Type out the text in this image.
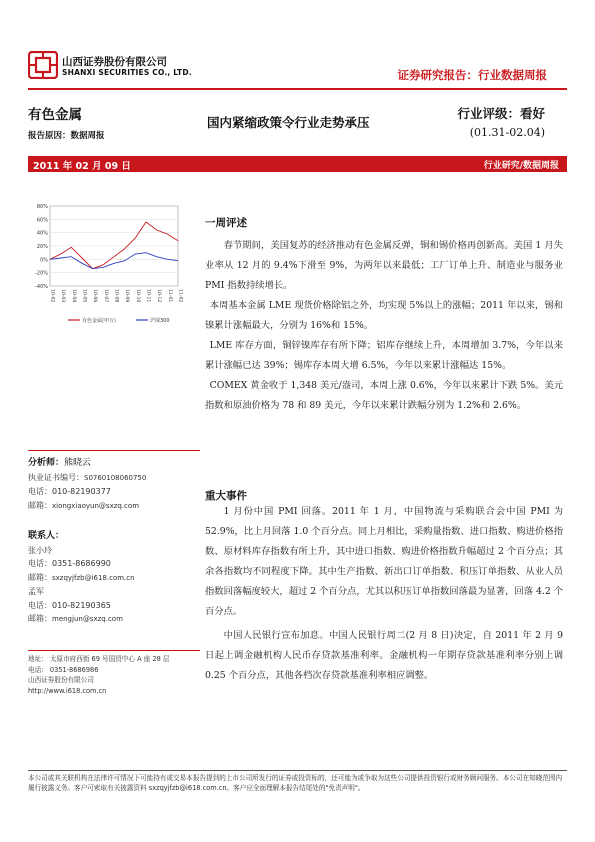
山西证券股份有限公司
SHANXI SECURITIES CO., LTD.	证券研究报告：行业数据周报
有色金属
报告原因：数据周报
国内紧缩政策令行业走势承压
行业评级：看好
(01.31-02.04)
2011 年 02 月 09 日	行业研究/数据周报
80%
60%
40%
20%
0%
-20%
-40%
10-02 10-03 10-04 10-05 10-06 10-07 10-08 10-09 10-10 10-11 10-12 11-01 11-02
有色金属(申万)	沪深300
分析师：熊晓云
执业证书编号：S0760108060750
电话：010-82190377
邮箱：xiongxiaoyun@sxzq.com
联系人：
张小玲
电话：0351-8686990
邮箱：sxzqyjfzb@i618.com.cn
孟军
电话：010-82190365
邮箱：mengjun@sxzq.com
地址： 太原市府西街 69 号国贸中心 A 座 28 层
电话： 0351-8686986
山西证券股份有限公司
http://www.i618.com.cn
一周评述

春节期间，美国复苏的经济推动有色金属反弹，铜和锡价格再创新高。美国 1 月失业率从 12 月的 9.4%下滑至 9%，为两年以来最低；工厂订单上升、制造业与服务业 PMI 指数持续增长。

本周基本金属 LME 现货价格除铝之外，均实现 5%以上的涨幅；2011 年以来，锡和镍累计涨幅最大，分别为 16%和 15%。

LME 库存方面，铜锌镍库存有所下降；铝库存继续上升，本周增加 3.7%，今年以来累计涨幅已达 39%；锡库存本周大增 6.5%，今年以来累计涨幅达 15%。

COMEX 黄金收于 1,348 美元/盎司，本周上涨 0.6%，今年以来累计下跌 5%。美元指数和原油价格为 78 和 89 美元，今年以来累计跌幅分别为 1.2%和 2.6%。

重大事件

1 月份中国 PMI 回落。2011 年 1 月，中国物流与采购联合会中国 PMI 为 52.9%，比上月回落 1.0 个百分点。同上月相比，采购量指数、进口指数、购进价格指数、原材料库存指数有所上升，其中进口指数、购进价格指数升幅超过 2 个百分点；其余各指数均不同程度下降。其中生产指数、新出口订单指数、积压订单指数、从业人员指数回落幅度较大，超过 2 个百分点，尤其以积压订单指数回落最为显著，回落 4.2 个百分点。

中国人民银行宣布加息。中国人民银行周二(2 月 8 日)决定，自 2011 年 2 月 9 日起上调金融机构人民币存贷款基准利率。金融机构一年期存贷款基准利率分别上调 0.25 个百分点，其他各档次存贷款基准利率相应调整。

本公司或其关联机构在法律许可情况下可能持有或交易本报告提到的上市公司所发行的证券或投资标的，还可能为或争取为这些公司提供投资银行或财务顾问服务。本公司在知晓范围内履行披露义务。客户可索取有关披露资料 sxzqyjfzb@i618.com.cn。客户应全面理解本报告结尾处的"免责声明"。
